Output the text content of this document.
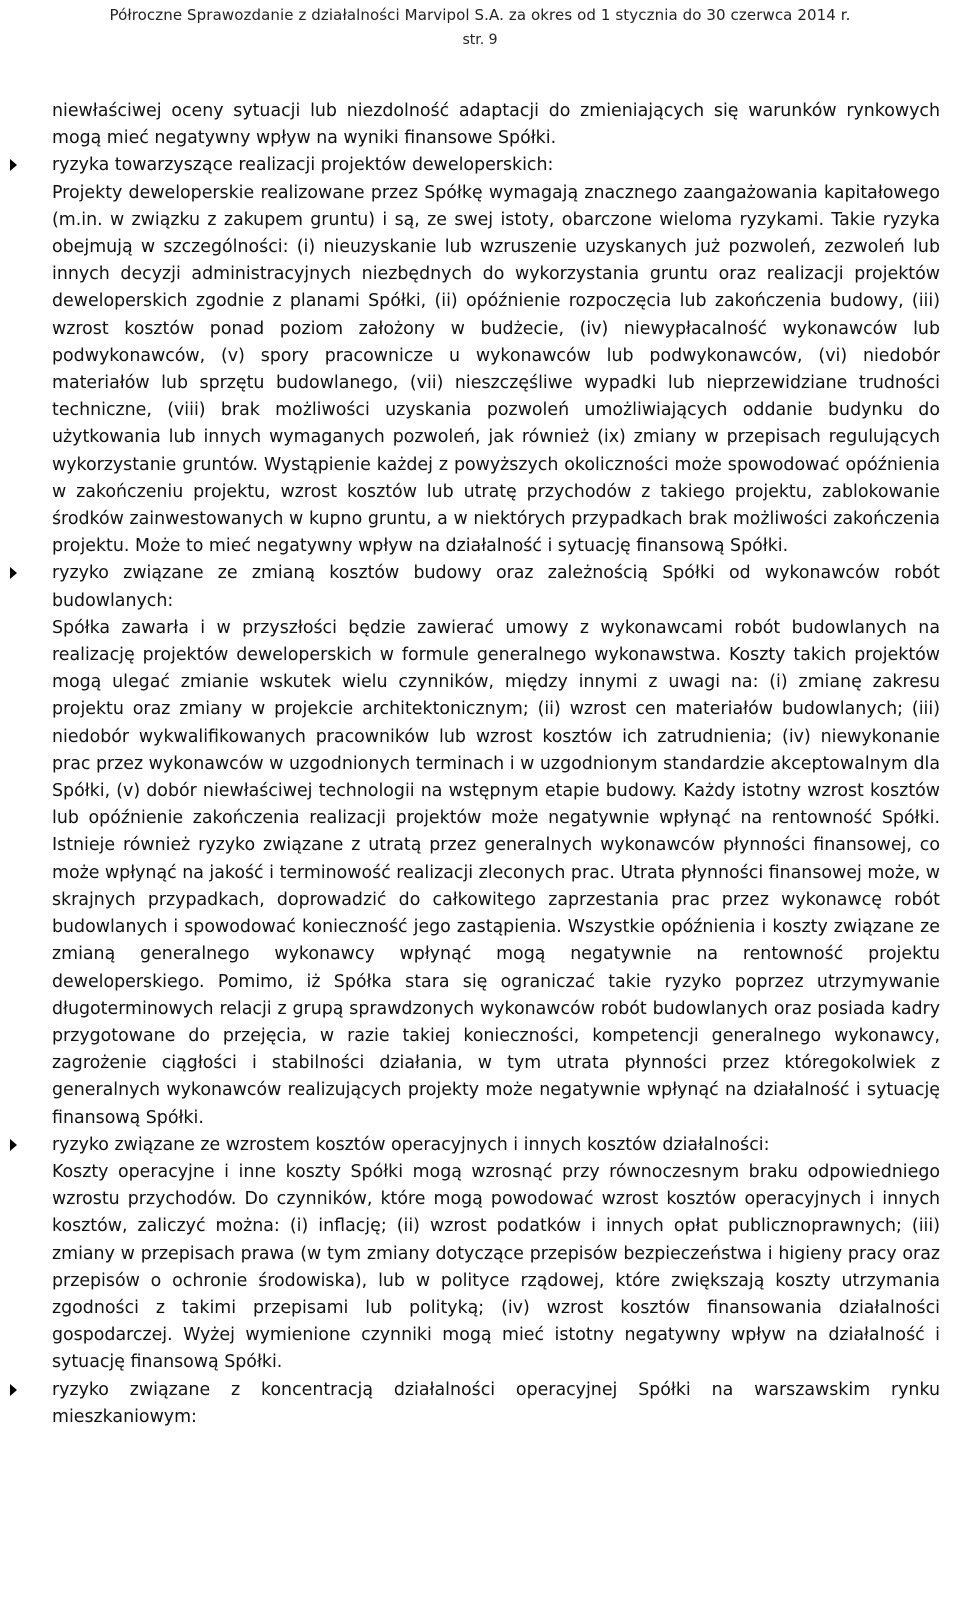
Półroczne Sprawozdanie z działalności Marvipol S.A. za okres od 1 stycznia do 30 czerwca 2014 r.
str. 9

niewłaściwej oceny sytuacji lub niezdolność adaptacji do zmieniających się warunków rynkowych mogą mieć negatywny wpływ na wyniki finansowe Spółki.

ryzyka towarzyszące realizacji projektów deweloperskich:

Projekty deweloperskie realizowane przez Spółkę wymagają znacznego zaangażowania kapitałowego (m.in. w związku z zakupem gruntu) i są, ze swej istoty, obarczone wieloma ryzykami. Takie ryzyka obejmują w szczególności: (i) nieuzyskanie lub wzruszenie uzyskanych już pozwoleń, zezwoleń lub innych decyzji administracyjnych niezbędnych do wykorzystania gruntu oraz realizacji projektów deweloperskich zgodnie z planami Spółki, (ii) opóźnienie rozpoczęcia lub zakończenia budowy, (iii) wzrost kosztów ponad poziom założony w budżecie, (iv) niewypłacalność wykonawców lub podwykonawców, (v) spory pracownicze u wykonawców lub podwykonawców, (vi) niedobór materiałów lub sprzętu budowlanego, (vii) nieszczęśliwe wypadki lub nieprzewidziane trudności techniczne, (viii) brak możliwości uzyskania pozwoleń umożliwiających oddanie budynku do użytkowania lub innych wymaganych pozwoleń, jak również (ix) zmiany w przepisach regulujących wykorzystanie gruntów. Wystąpienie każdej z powyższych okoliczności może spowodować opóźnienia w zakończeniu projektu, wzrost kosztów lub utratę przychodów z takiego projektu, zablokowanie środków zainwestowanych w kupno gruntu, a w niektórych przypadkach brak możliwości zakończenia projektu. Może to mieć negatywny wpływ na działalność i sytuację finansową Spółki.

ryzyko związane ze zmianą kosztów budowy oraz zależnością Spółki od wykonawców robót budowlanych:

Spółka zawarła i w przyszłości będzie zawierać umowy z wykonawcami robót budowlanych na realizację projektów deweloperskich w formule generalnego wykonawstwa. Koszty takich projektów mogą ulegać zmianie wskutek wielu czynników, między innymi z uwagi na: (i) zmianę zakresu projektu oraz zmiany w projekcie architektonicznym; (ii) wzrost cen materiałów budowlanych; (iii) niedobór wykwalifikowanych pracowników lub wzrost kosztów ich zatrudnienia; (iv) niewykonanie prac przez wykonawców w uzgodnionych terminach i w uzgodnionym standardzie akceptowalnym dla Spółki, (v) dobór niewłaściwej technologii na wstępnym etapie budowy. Każdy istotny wzrost kosztów lub opóźnienie zakończenia realizacji projektów może negatywnie wpłynąć na rentowność Spółki. Istnieje również ryzyko związane z utratą przez generalnych wykonawców płynności finansowej, co może wpłynąć na jakość i terminowość realizacji zleconych prac. Utrata płynności finansowej może, w skrajnych przypadkach, doprowadzić do całkowitego zaprzestania prac przez wykonawcę robót budowlanych i spowodować konieczność jego zastąpienia. Wszystkie opóźnienia i koszty związane ze zmianą generalnego wykonawcy wpłynąć mogą negatywnie na rentowność projektu deweloperskiego. Pomimo, iż Spółka stara się ograniczać takie ryzyko poprzez utrzymywanie długoterminowych relacji z grupą sprawdzonych wykonawców robót budowlanych oraz posiada kadry przygotowane do przejęcia, w razie takiej konieczności, kompetencji generalnego wykonawcy, zagrożenie ciągłości i stabilności działania, w tym utrata płynności przez któregokolwiek z generalnych wykonawców realizujących projekty może negatywnie wpłynąć na działalność i sytuację finansową Spółki.

ryzyko związane ze wzrostem kosztów operacyjnych i innych kosztów działalności:

Koszty operacyjne i inne koszty Spółki mogą wzrosnąć przy równoczesnym braku odpowiedniego wzrostu przychodów. Do czynników, które mogą powodować wzrost kosztów operacyjnych i innych kosztów, zaliczyć można: (i) inflację; (ii) wzrost podatków i innych opłat publicznoprawnych; (iii) zmiany w przepisach prawa (w tym zmiany dotyczące przepisów bezpieczeństwa i higieny pracy oraz przepisów o ochronie środowiska), lub w polityce rządowej, które zwiększają koszty utrzymania zgodności z takimi przepisami lub polityką; (iv) wzrost kosztów finansowania działalności gospodarczej. Wyżej wymienione czynniki mogą mieć istotny negatywny wpływ na działalność i sytuację finansową Spółki.

ryzyko związane z koncentracją działalności operacyjnej Spółki na warszawskim rynku mieszkaniowym:
